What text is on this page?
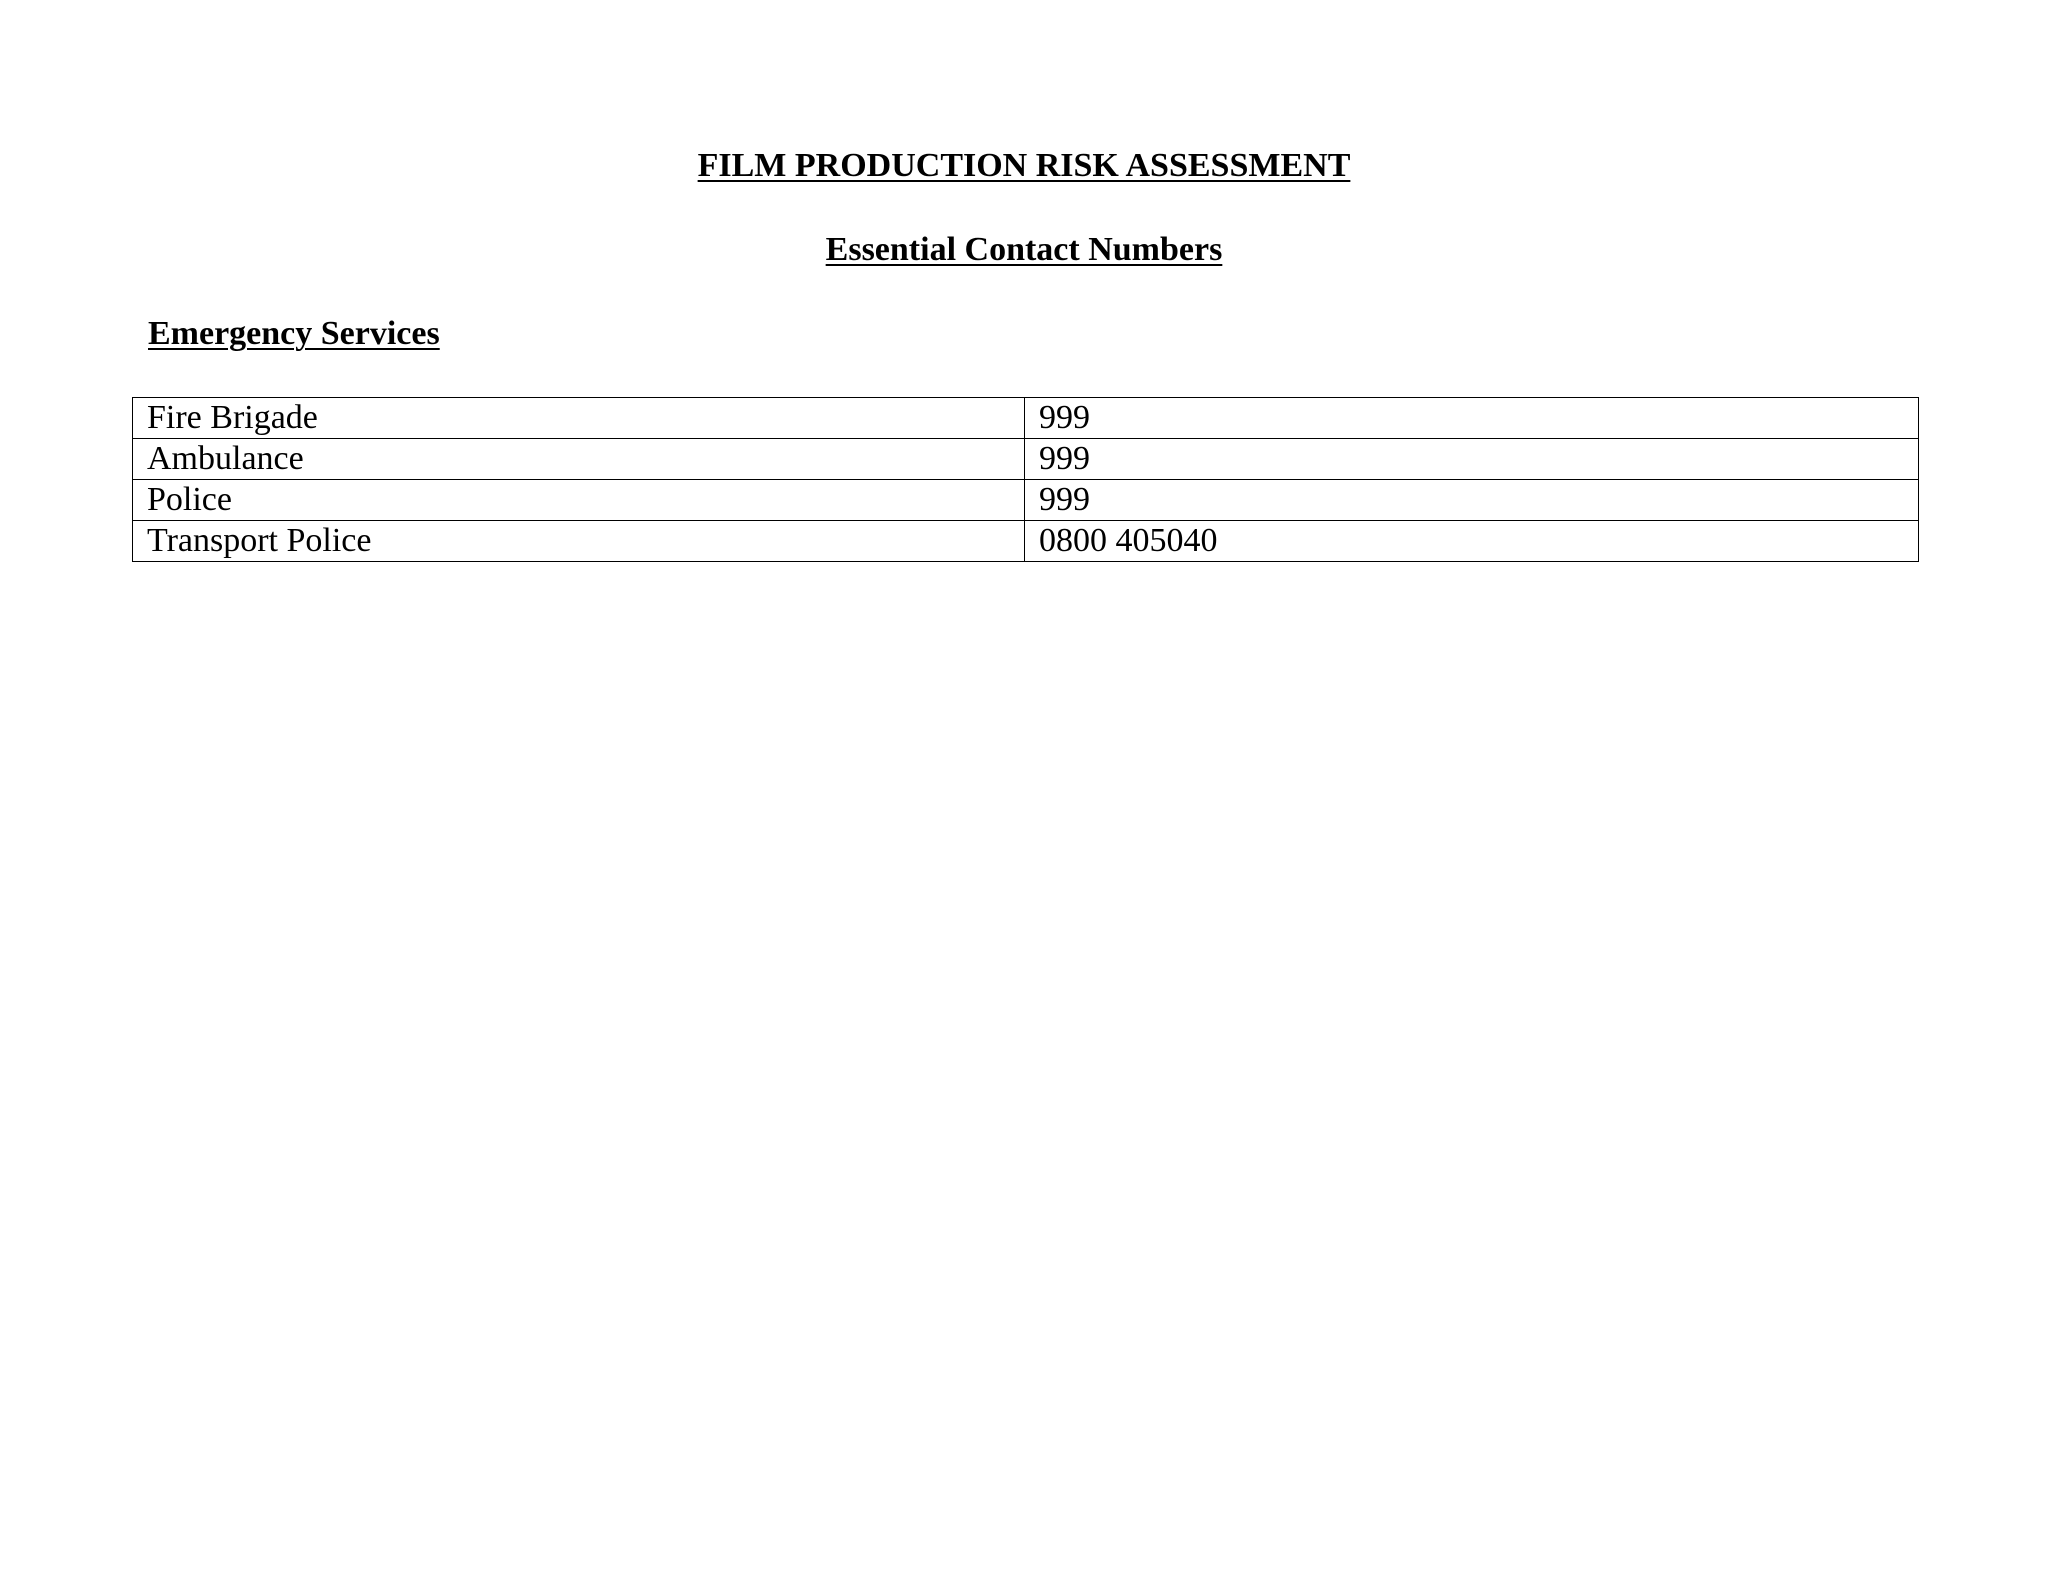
FILM PRODUCTION RISK ASSESSMENT
Essential Contact Numbers
Emergency Services
Fire Brigade	999
Ambulance	999
Police	999
Transport Police	0800 405040
